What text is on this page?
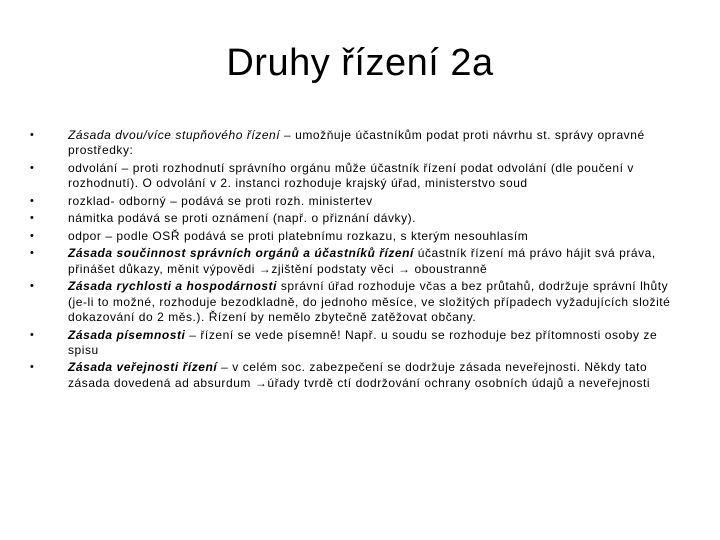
Druhy řízení 2a
•	Zásada dvou/více stupňového řízení – umožňuje účastníkům podat proti návrhu st. správy opravné prostředky:
•	odvolání – proti rozhodnutí správního orgánu může účastník řízení podat odvolání (dle poučení v rozhodnutí). O odvolání v 2. instanci rozhoduje krajský úřad, ministerstvo soud
•	rozklad- odborný – podává se proti rozh. ministertev
•	námitka podává se proti oznámení (např. o přiznání dávky).
•	odpor – podle OSŘ podává se proti platebnímu rozkazu, s kterým nesouhlasím
•	Zásada součinnost správních orgánů a účastníků řízení účastník řízení má právo hájit svá práva, přinášet důkazy, měnit výpovědi →zjištění podstaty věci → oboustranně
•	Zásada rychlosti a hospodárnosti správní úřad rozhoduje včas a bez průtahů, dodržuje správní lhůty (je-li to možné, rozhoduje bezodkladně, do jednoho měsíce, ve složitých případech vyžadujících složité dokazování do 2 měs.). Řízení by nemělo zbytečně zatěžovat občany.
•	Zásada písemnosti – řízení se vede písemně! Např. u soudu se rozhoduje bez přítomnosti osoby ze spisu
•	Zásada veřejnosti řízení – v celém soc. zabezpečení se dodržuje zásada neveřejnosti. Někdy tato zásada dovedená ad absurdum →úřady tvrdě ctí dodržování ochrany osobních údajů a neveřejnosti
